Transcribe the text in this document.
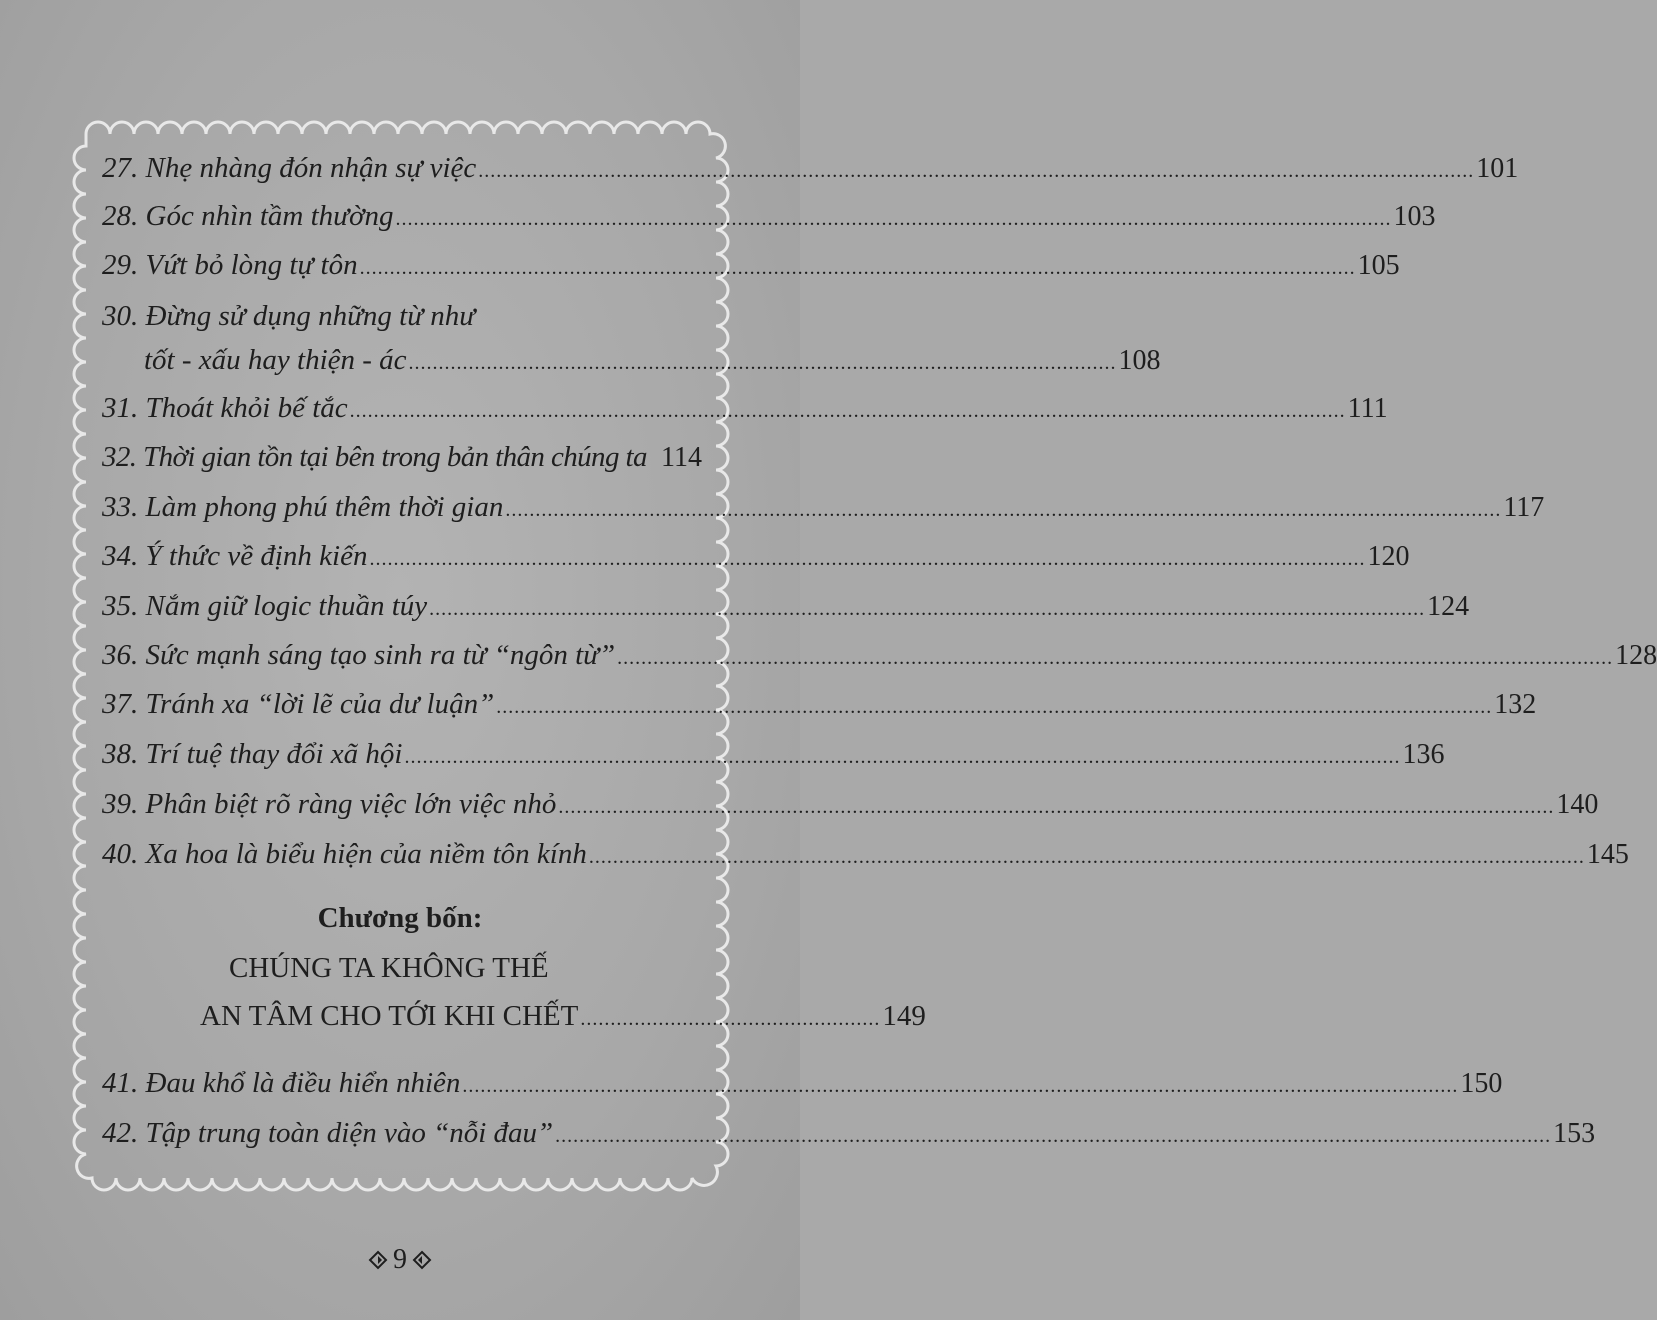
27. Nhẹ nhàng đón nhận sự việc .....	101
28. Góc nhìn tầm thường .....	103
29. Vứt bỏ lòng tự tôn .....	105
30. Đừng sử dụng những từ như
tốt - xấu hay thiện - ác ...................................................................................................................... 108
31. Thoát khỏi bế tắc .....	111
32. Thời gian tồn tại bên trong bản thân chúng ta 114
33. Làm phong phú thêm thời gian .....	117
34. Ý thức về định kiến .....	120
35. Nắm giữ logic thuần túy .....	124
36. Sức mạnh sáng tạo sinh ra từ “ngôn từ” .....	128
37. Tránh xa “lời lẽ của dư luận” .....	132
38. Trí tuệ thay đổi xã hội .....	136
39. Phân biệt rõ ràng việc lớn việc nhỏ .....	140
40. Xa hoa là biểu hiện của niềm tôn kính .....	145
Chương bốn:
CHÚNG TA KHÔNG THẾ
AN TÂM CHO TỚI KHI CHẾT .................................................. 149
41. Đau khổ là điều hiển nhiên .....	150
42. Tập trung toàn diện vào “nỗi đau” .....	153
9
